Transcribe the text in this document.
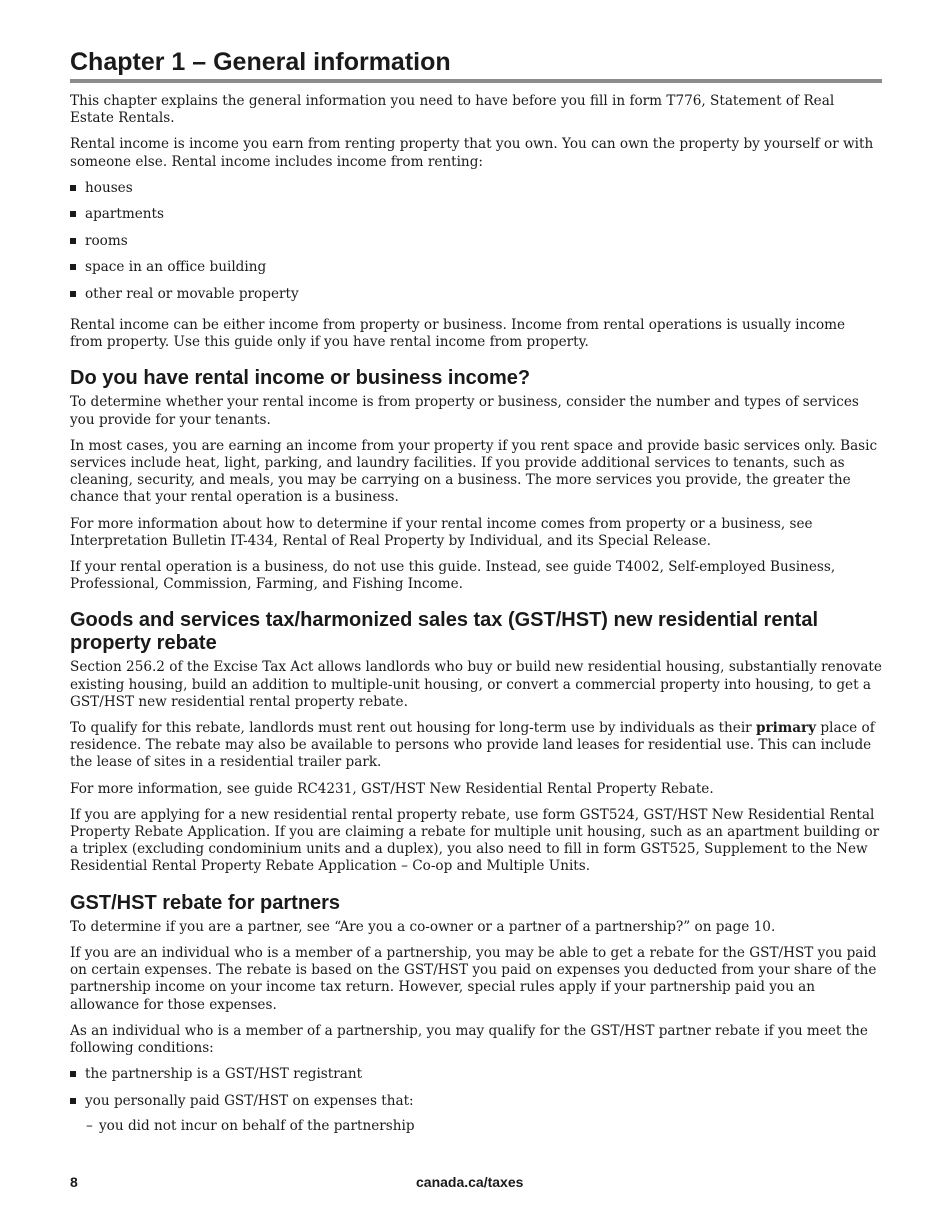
Chapter 1 – General information

This chapter explains the general information you need to have before you fill in form T776, Statement of Real Estate Rentals.

Rental income is income you earn from renting property that you own. You can own the property by yourself or with someone else. Rental income includes income from renting:

houses
apartments
rooms
space in an office building
other real or movable property

Rental income can be either income from property or business. Income from rental operations is usually income from property. Use this guide only if you have rental income from property.

Do you have rental income or business income?

To determine whether your rental income is from property or business, consider the number and types of services you provide for your tenants.

In most cases, you are earning an income from your property if you rent space and provide basic services only. Basic services include heat, light, parking, and laundry facilities. If you provide additional services to tenants, such as cleaning, security, and meals, you may be carrying on a business. The more services you provide, the greater the chance that your rental operation is a business.

For more information about how to determine if your rental income comes from property or a business, see Interpretation Bulletin IT-434, Rental of Real Property by Individual, and its Special Release.

If your rental operation is a business, do not use this guide. Instead, see guide T4002, Self-employed Business, Professional, Commission, Farming, and Fishing Income.

Goods and services tax/harmonized sales tax (GST/HST) new residential rental property rebate

Section 256.2 of the Excise Tax Act allows landlords who buy or build new residential housing, substantially renovate existing housing, build an addition to multiple-unit housing, or convert a commercial property into housing, to get a GST/HST new residential rental property rebate.

To qualify for this rebate, landlords must rent out housing for long-term use by individuals as their primary place of residence. The rebate may also be available to persons who provide land leases for residential use. This can include the lease of sites in a residential trailer park.

For more information, see guide RC4231, GST/HST New Residential Rental Property Rebate.

If you are applying for a new residential rental property rebate, use form GST524, GST/HST New Residential Rental Property Rebate Application. If you are claiming a rebate for multiple unit housing, such as an apartment building or a triplex (excluding condominium units and a duplex), you also need to fill in form GST525, Supplement to the New Residential Rental Property Rebate Application – Co-op and Multiple Units.

GST/HST rebate for partners

To determine if you are a partner, see “Are you a co-owner or a partner of a partnership?” on page 10.

If you are an individual who is a member of a partnership, you may be able to get a rebate for the GST/HST you paid on certain expenses. The rebate is based on the GST/HST you paid on expenses you deducted from your share of the partnership income on your income tax return. However, special rules apply if your partnership paid you an allowance for those expenses.

As an individual who is a member of a partnership, you may qualify for the GST/HST partner rebate if you meet the following conditions:

the partnership is a GST/HST registrant
you personally paid GST/HST on expenses that:
– you did not incur on behalf of the partnership
8	canada.ca/taxes
